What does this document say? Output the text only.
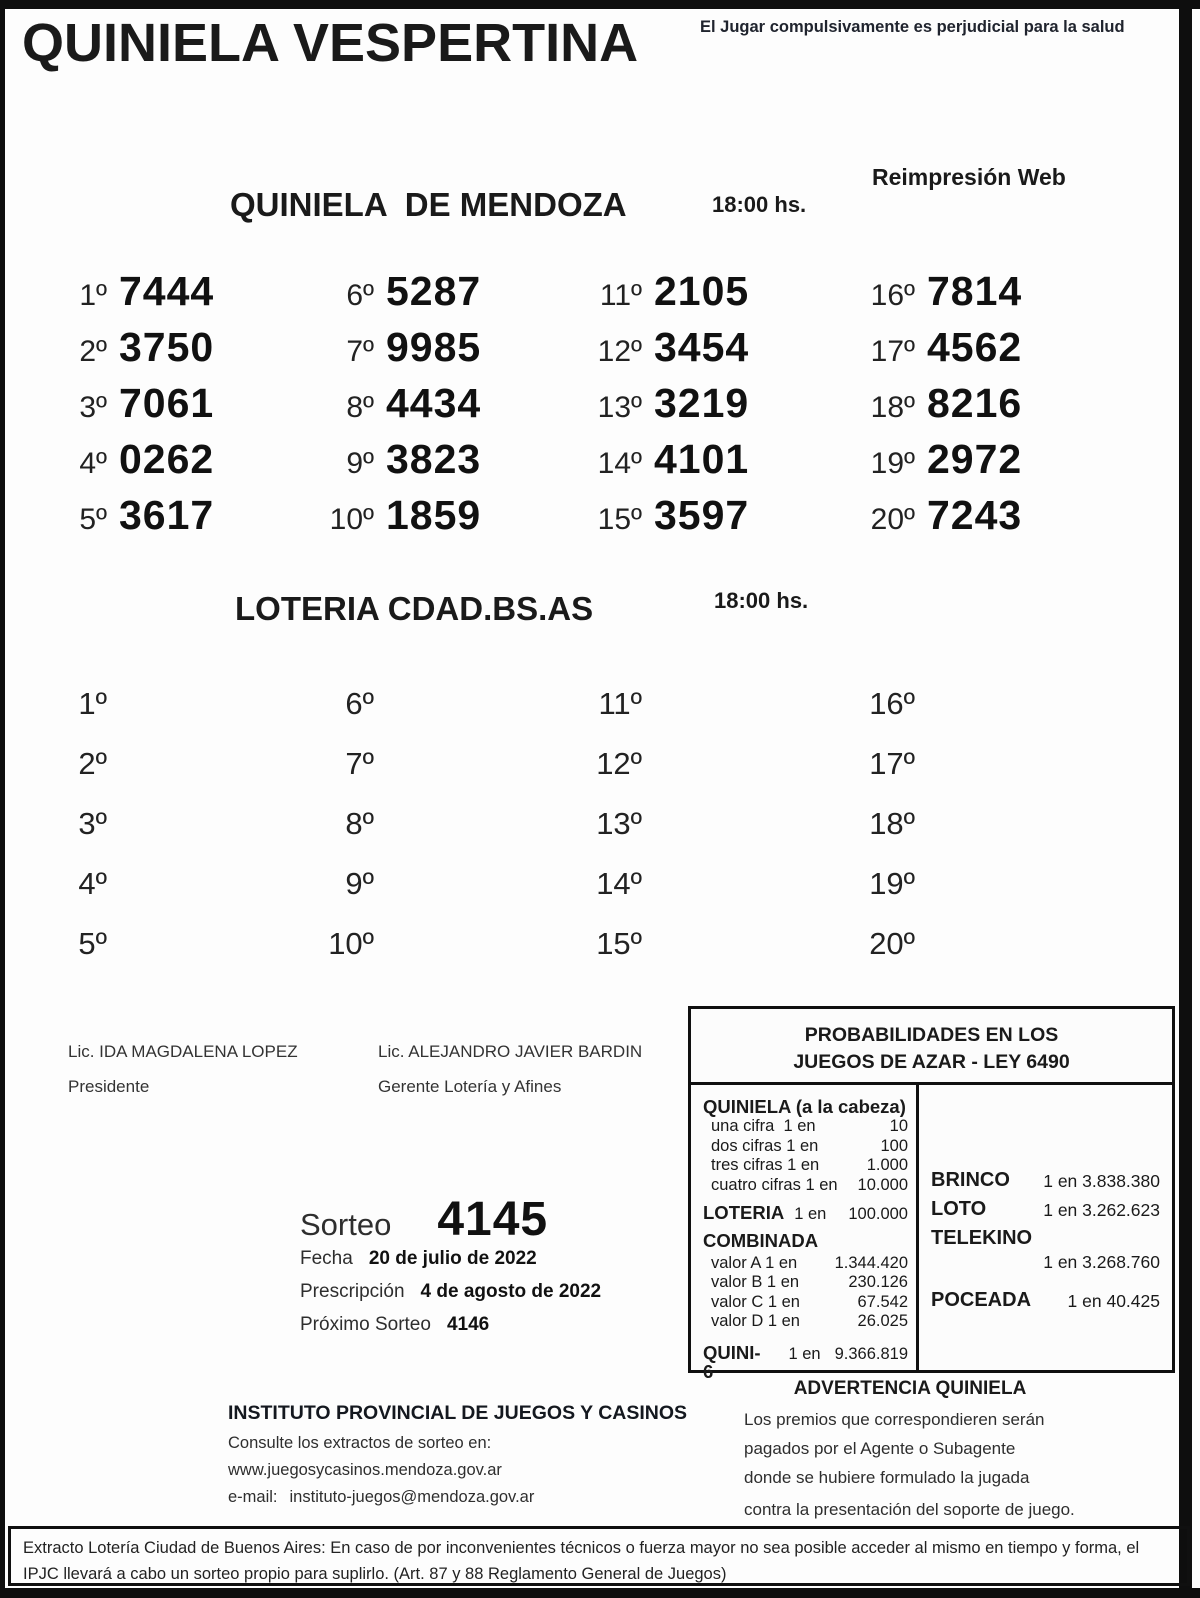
QUINIELA VESPERTINA	El Jugar compulsivamente es perjudicial para la salud
QUINIELA  DE MENDOZA	18:00 hs.
Reimpresión Web
1º 7444
2º 3750
3º 7061
4º 0262
5º 3617
6º 5287
7º 9985
8º 4434
9º 3823
10º 1859
11º 2105
12º 3454
13º 3219
14º 4101
15º 3597
16º 7814
17º 4562
18º 8216
19º 2972
20º 7243
LOTERIA CDAD.BS.AS	18:00 hs.
1º
2º
3º
4º
5º
6º
7º
8º
9º
10º
11º
12º
13º
14º
15º
16º
17º
18º
19º
20º
Lic. IDA MAGDALENA LOPEZ
Presidente
Lic. ALEJANDRO JAVIER BARDIN
Gerente Lotería y Afines
PROBABILIDADES EN LOS
JUEGOS DE AZAR - LEY 6490
QUINIELA (a la cabeza)
una cifra  1 en	10
dos cifras 1 en	100
tres cifras 1 en	1.000
cuatro cifras 1 en	10.000
LOTERIA 1 en	100.000
COMBINADA
valor A 1 en	1.344.420
valor B 1 en	230.126
valor C 1 en	67.542
valor D 1 en	26.025
QUINI-6
1 en 9.366.819
BRINCO 1 en 3.838.380
LOTO	1 en 3.262.623
TELEKINO
1 en 3.268.760
POCEADA 1 en 40.425
Sorteo 4145
Fecha 20 de julio de 2022
Prescripción 4 de agosto de 2022
Próximo Sorteo 4146
INSTITUTO PROVINCIAL DE JUEGOS Y CASINOS
Consulte los extractos de sorteo en:
www.juegosycasinos.mendoza.gov.ar
e-mail: instituto-juegos@mendoza.gov.ar
ADVERTENCIA QUINIELA
Los premios que correspondieren serán
pagados por el Agente o Subagente
donde se hubiere formulado la jugada
contra la presentación del soporte de juego.
Extracto Lotería Ciudad de Buenos Aires: En caso de por inconvenientes técnicos o fuerza mayor no sea posible acceder al mismo en tiempo y forma, el IPJC llevará a cabo un sorteo propio para suplirlo. (Art. 87 y 88 Reglamento General de Juegos)
